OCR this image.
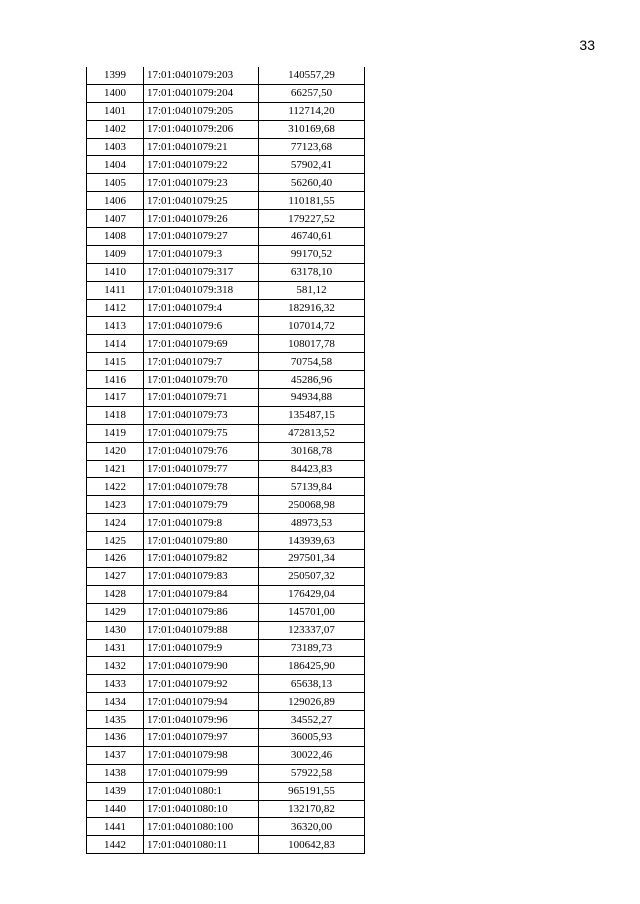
33
1399	17:01:0401079:203	140557,29
1400	17:01:0401079:204	66257,50
1401	17:01:0401079:205	112714,20
1402	17:01:0401079:206	310169,68
1403	17:01:0401079:21	77123,68
1404	17:01:0401079:22	57902,41
1405	17:01:0401079:23	56260,40
1406	17:01:0401079:25	110181,55
1407	17:01:0401079:26	179227,52
1408	17:01:0401079:27	46740,61
1409	17:01:0401079:3	99170,52
1410	17:01:0401079:317	63178,10
1411	17:01:0401079:318	581,12
1412	17:01:0401079:4	182916,32
1413	17:01:0401079:6	107014,72
1414	17:01:0401079:69	108017,78
1415	17:01:0401079:7	70754,58
1416	17:01:0401079:70	45286,96
1417	17:01:0401079:71	94934,88
1418	17:01:0401079:73	135487,15
1419	17:01:0401079:75	472813,52
1420	17:01:0401079:76	30168,78
1421	17:01:0401079:77	84423,83
1422	17:01:0401079:78	57139,84
1423	17:01:0401079:79	250068,98
1424	17:01:0401079:8	48973,53
1425	17:01:0401079:80	143939,63
1426	17:01:0401079:82	297501,34
1427	17:01:0401079:83	250507,32
1428	17:01:0401079:84	176429,04
1429	17:01:0401079:86	145701,00
1430	17:01:0401079:88	123337,07
1431	17:01:0401079:9	73189,73
1432	17:01:0401079:90	186425,90
1433	17:01:0401079:92	65638,13
1434	17:01:0401079:94	129026,89
1435	17:01:0401079:96	34552,27
1436	17:01:0401079:97	36005,93
1437	17:01:0401079:98	30022,46
1438	17:01:0401079:99	57922,58
1439	17:01:0401080:1	965191,55
1440	17:01:0401080:10	132170,82
1441	17:01:0401080:100	36320,00
1442	17:01:0401080:11	100642,83
